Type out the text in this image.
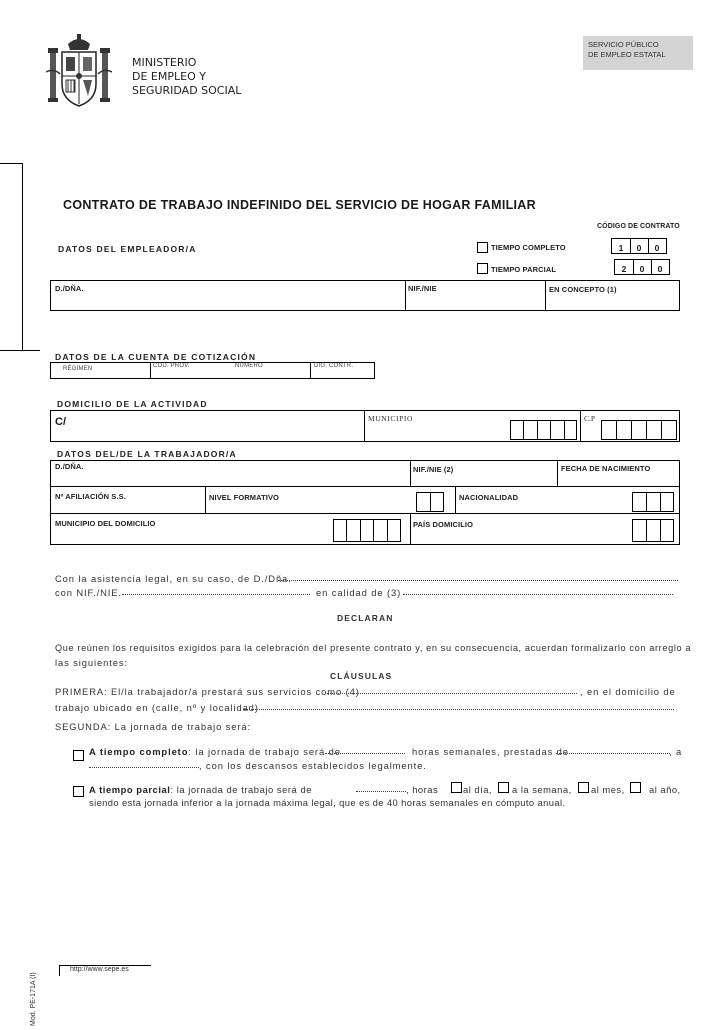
MINISTERIO
DE EMPLEO Y
SEGURIDAD SOCIAL
SERVICIO PÚBLICO
DE EMPLEO ESTATAL
CONTRATO DE TRABAJO INDEFINIDO DEL SERVICIO DE HOGAR FAMILIAR
CÓDIGO DE CONTRATO
DATOS DEL EMPLEADOR/A	TIEMPO COMPLETO
TIEMPO PARCIAL
1	0	0
2	0	0
D./DÑA.	NIF./NIE	EN CONCEPTO (1)
DATOS DE LA CUENTA DE COTIZACIÓN
RÉGIMEN	COD. PROV.	NÚMERO	DIG. CONTR.
DOMICILIO DE LA ACTIVIDAD
C/	MUNICIPIO	C.P
DATOS DEL/DE LA TRABAJADOR/A
D./DÑA.	NIF./NIE (2)	FECHA DE NACIMIENTO
Nº AFILIACIÓN S.S.	NIVEL FORMATIVO	NACIONALIDAD
MUNICIPIO DEL DOMICILIO	PAÍS DOMICILIO
Con la asistencia legal, en su caso, de D./Dña.
con NIF./NIE.	en calidad de (3)
DECLARAN
Que reúnen los requisitos exigidos para la celebración del presente contrato y, en su consecuencia, acuerdan formalizarlo con arreglo a
las siguientes:
CLÁUSULAS
PRIMERA: El/la trabajador/a prestará sus servicios como (4)	, en el domicilio de
trabajo ubicado en (calle, nº y localidad)
SEGUNDA: La jornada de trabajo será:
A tiempo completo: la jornada de trabajo será de	horas semanales, prestadas de	, a
, con los descansos establecidos legalmente.
A tiempo parcial: la jornada de trabajo será de	, horas	al día, a la semana, al mes,	al año,
siendo esta jornada inferior a la jornada máxima legal, que es de 40 horas semanales en cómputo anual.
Mod. PE-171A (I)
http://www.sepe.es
